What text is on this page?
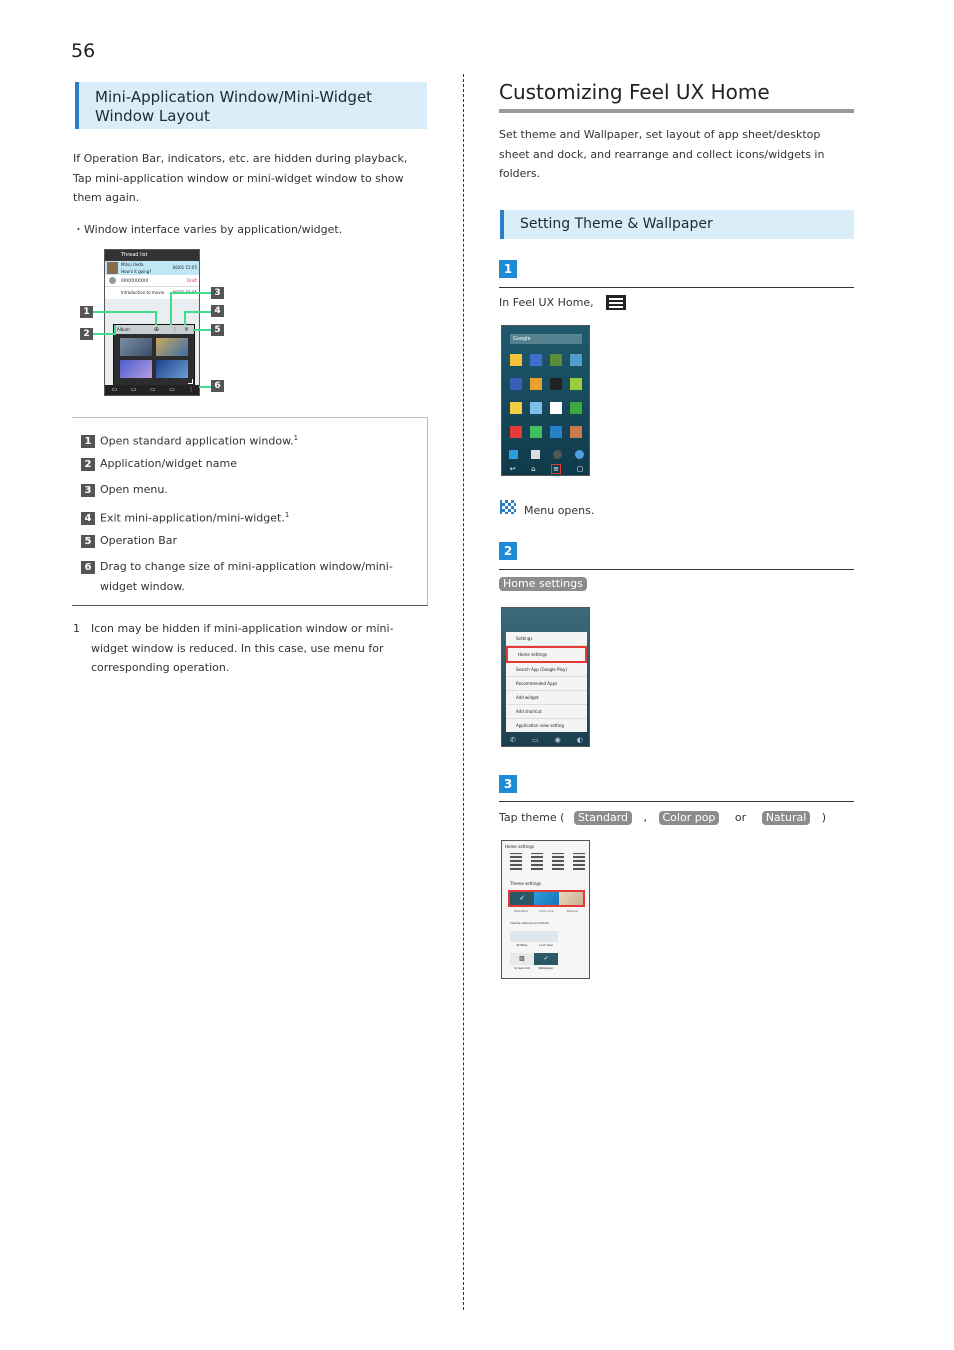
56
Mini-Application Window/Mini-Widget
Window Layout
If Operation Bar, indicators, etc. are hidden during playback,
Tap mini-application window or mini-widget window to show
them again.
・Window interface varies by application/widget.
Thread list
Mitsu Ueda
How's it going?
06/01 15:05
0XXXXXXXXX	Draft
Introduction to movie
Album	⊕ ⋮ ×
▭ ▭ ▭ ▭ ⋮
1
2
3
4
5
6
1 Open standard application window.$^1$
2 Application/widget name
3 Open menu.
4 Exit mini-application/mini-widget.$^1$
5 Operation Bar
6 Drag to change size of mini-application window/mini-
widget window.
1 Icon may be hidden if mini-application window or mini-
widget window is reduced. In this case, use menu for
corresponding operation.
Customizing Feel UX Home
Set theme and Wallpaper, set layout of app sheet/desktop
sheet and dock, and rearrange and collect icons/widgets in
folders.
Setting Theme & Wallpaper
1
In Feel UX Home,
Google
↩ ⌂	≡	▢
Menu opens.
2
Home settings
Settings
Home settings
Search App (Google Play)
Recommended Apps
Add widget
Add shortcut
Application view setting
✆ ▭ ◉ ◐
3
Tap theme ( Standard , Color pop or Natural )
Home settings
Theme settings
✓
Standard	Color pop	Natural
Theme options (icon/font)
Profiles	Lock feel
▨	✓
Screen list	Wallpaper
